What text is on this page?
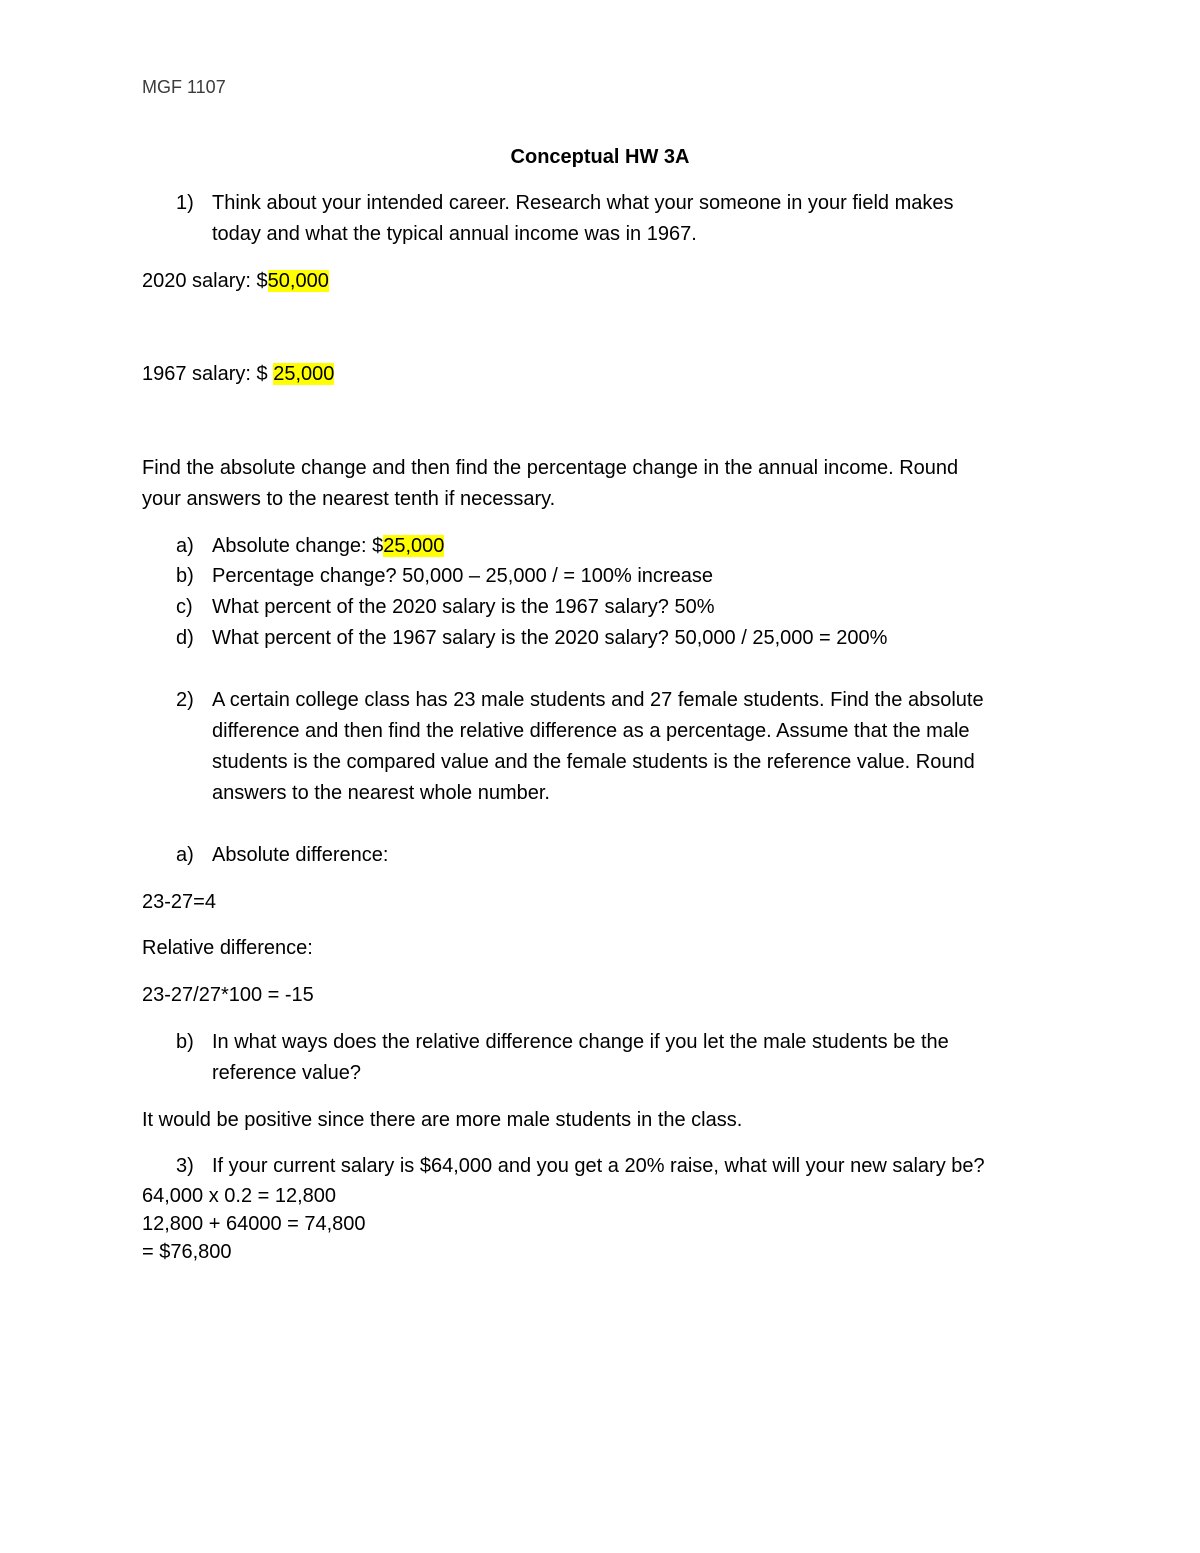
MGF 1107
Conceptual HW 3A
1) Think about your intended career. Research what your someone in your field makes
today and what the typical annual income was in 1967.
2020 salary: $50,000
1967 salary: $ 25,000
Find the absolute change and then find the percentage change in the annual income. Round
your answers to the nearest tenth if necessary.
a) Absolute change: $25,000
b) Percentage change? 50,000 – 25,000 / = 100% increase
c) What percent of the 2020 salary is the 1967 salary? 50%
d) What percent of the 1967 salary is the 2020 salary? 50,000 / 25,000 = 200%
2) A certain college class has 23 male students and 27 female students. Find the absolute
difference and then find the relative difference as a percentage. Assume that the male
students is the compared value and the female students is the reference value. Round
answers to the nearest whole number.
a) Absolute difference:
23-27=4
Relative difference:
23-27/27*100 = -15
b) In what ways does the relative difference change if you let the male students be the
reference value?
It would be positive since there are more male students in the class.
3) If your current salary is $64,000 and you get a 20% raise, what will your new salary be?
64,000 x 0.2 = 12,800
12,800 + 64000 = 74,800
= $76,800
